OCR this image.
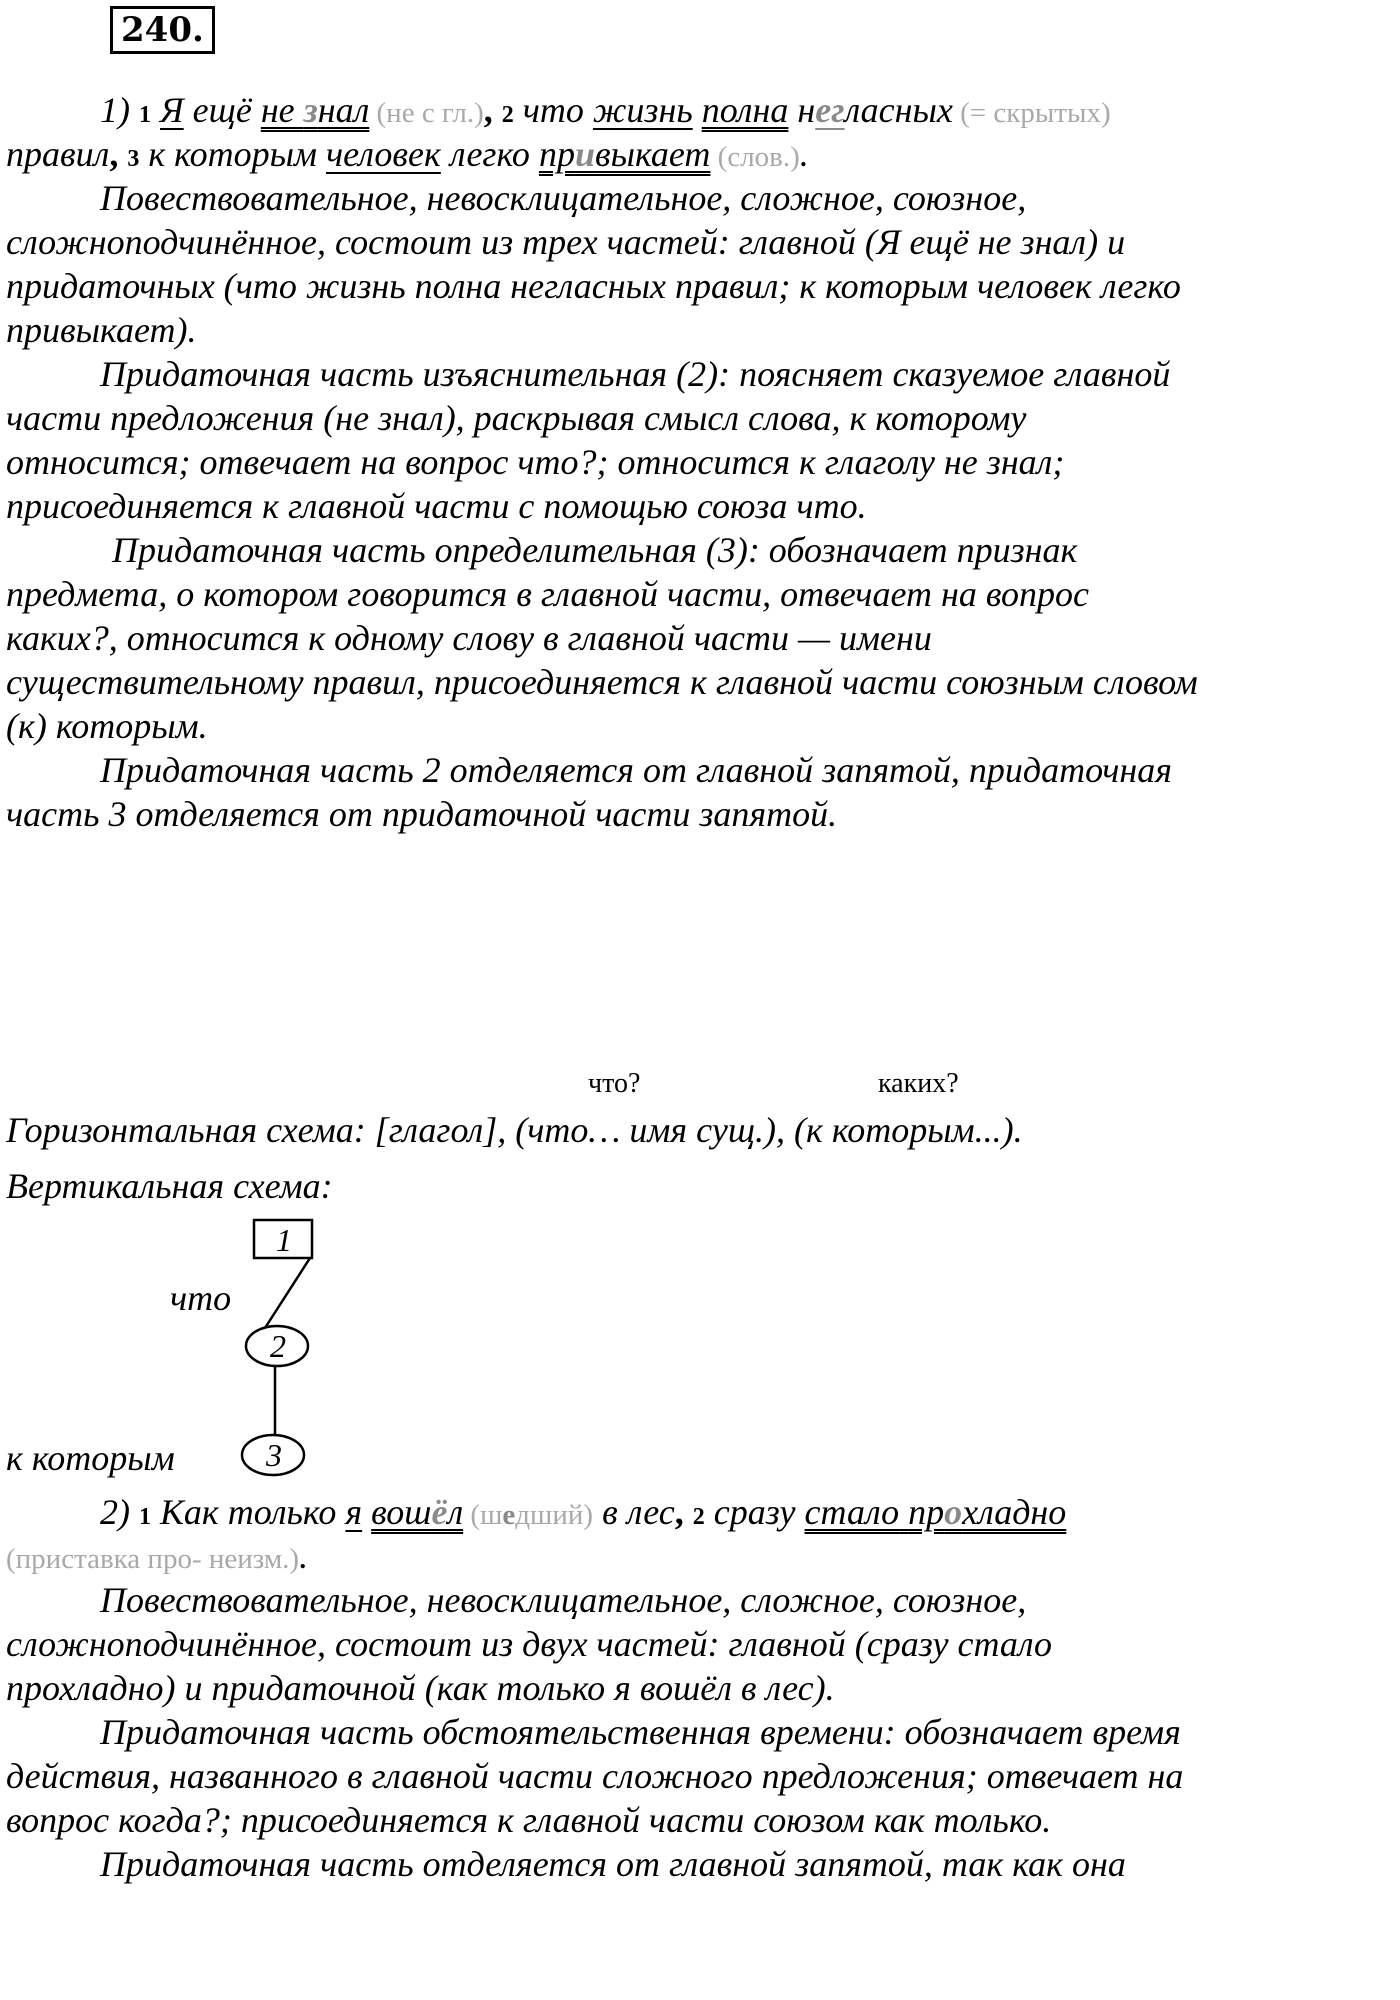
240.
1) 1 Я ещё не знал (не с гл.), 2 что жизнь полна негласных (= скрытых)
правил, 3 к которым человек легко привыкает (слов.).
Повествовательное, невосклицательное, сложное, союзное,
сложноподчинённое, состоит из трех частей: главной (Я ещё не знал) и
придаточных (что жизнь полна негласных правил; к которым человек легко
привыкает).
Придаточная часть изъяснительная (2): поясняет сказуемое главной
части предложения (не знал), раскрывая смысл слова, к которому
относится; отвечает на вопрос что?; относится к глаголу не знал;
присоединяется к главной части с помощью союза что.
Придаточная часть определительная (3): обозначает признак
предмета, о котором говорится в главной части, отвечает на вопрос
каких?, относится к одному слову в главной части — имени
существительному правил, присоединяется к главной части союзным словом
(к) которым.
Придаточная часть 2 отделяется от главной запятой, придаточная
часть 3 отделяется от придаточной части запятой.
что?	каких?
Горизонтальная схема: [глагол], (что… имя сущ.), (к которым...).
Вертикальная схема:
1
что
2
к которым	3
2) 1 Как только я вошёл (шедший) в лес, 2 сразу стало прохладно
(приставка про- неизм.).
Повествовательное, невосклицательное, сложное, союзное,
сложноподчинённое, состоит из двух частей: главной (сразу стало
прохладно) и придаточной (как только я вошёл в лес).
Придаточная часть обстоятельственная времени: обозначает время
действия, названного в главной части сложного предложения; отвечает на
вопрос когда?; присоединяется к главной части союзом как только.
Придаточная часть отделяется от главной запятой, так как она
